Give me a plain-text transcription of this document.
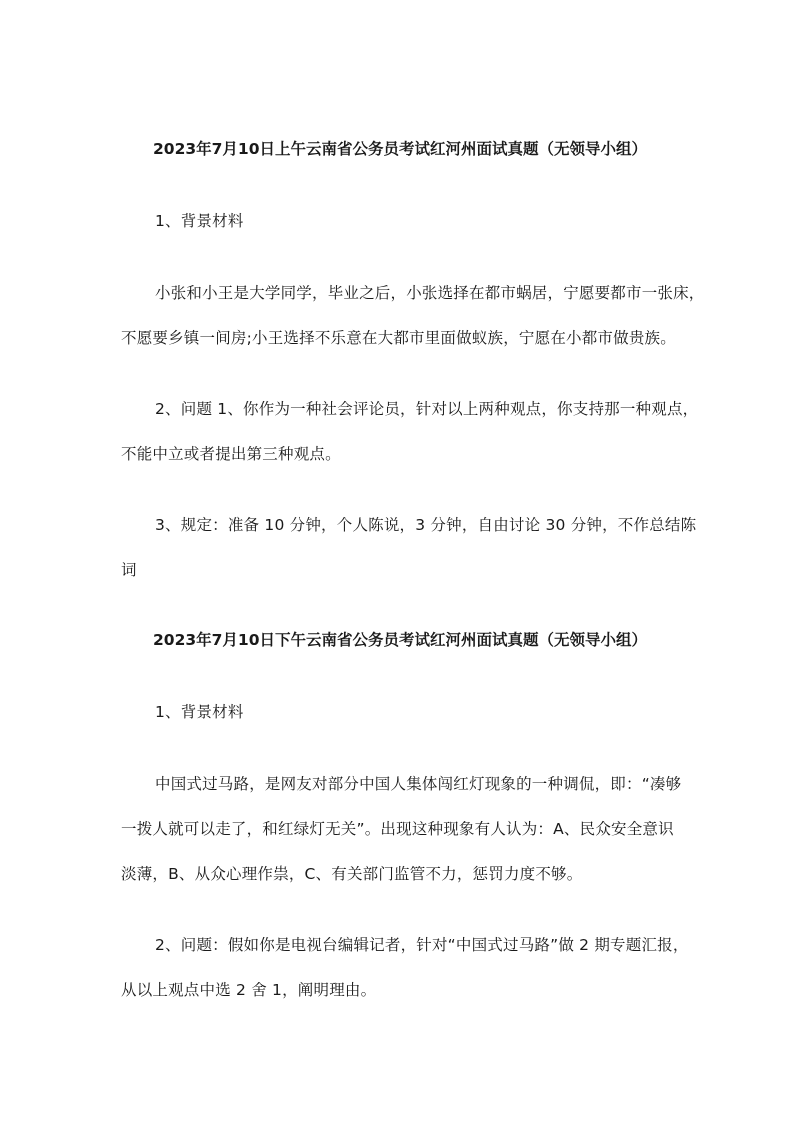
2023年7月10日上午云南省公务员考试红河州面试真题（无领导小组）
1、背景材料
小张和小王是大学同学，毕业之后，小张选择在都市蜗居，宁愿要都市一张床，
不愿要乡镇一间房;小王选择不乐意在大都市里面做蚁族，宁愿在小都市做贵族。
2、问题 1、你作为一种社会评论员，针对以上两种观点，你支持那一种观点，
不能中立或者提出第三种观点。
3、规定：准备 10 分钟，个人陈说，3 分钟，自由讨论 30 分钟，不作总结陈
词
2023年7月10日下午云南省公务员考试红河州面试真题（无领导小组）
1、背景材料
中国式过马路，是网友对部分中国人集体闯红灯现象的一种调侃，即：“凑够
一拨人就可以走了，和红绿灯无关”。出现这种现象有人认为：A、民众安全意识
淡薄，B、从众心理作祟，C、有关部门监管不力，惩罚力度不够。
2、问题：假如你是电视台编辑记者，针对“中国式过马路”做 2 期专题汇报，
从以上观点中选 2 舍 1，阐明理由。
